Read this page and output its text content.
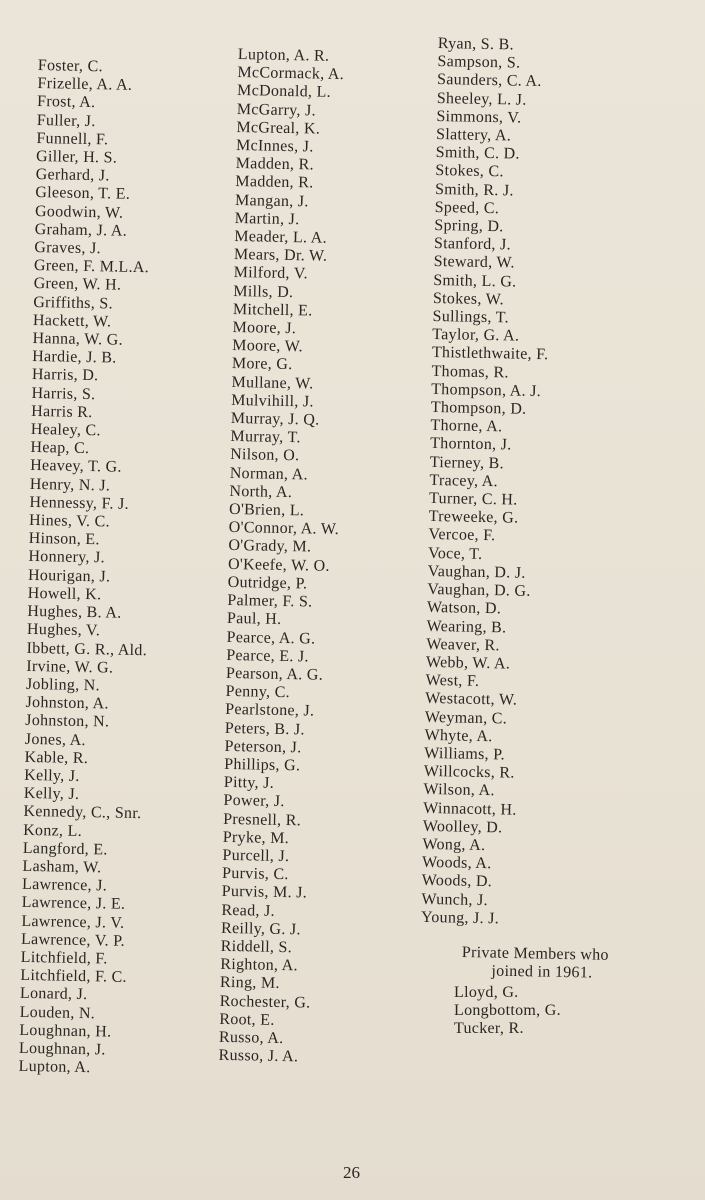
Foster, C.
Frizelle, A. A.
Frost, A.
Fuller, J.
Funnell, F.
Giller, H. S.
Gerhard, J.
Gleeson, T. E.
Goodwin, W.
Graham, J. A.
Graves, J.
Green, F. M.L.A.
Green, W. H.
Griffiths, S.
Hackett, W.
Hanna, W. G.
Hardie, J. B.
Harris, D.
Harris, S.
Harris R.
Healey, C.
Heap, C.
Heavey, T. G.
Henry, N. J.
Hennessy, F. J.
Hines, V. C.
Hinson, E.
Honnery, J.
Hourigan, J.
Howell, K.
Hughes, B. A.
Hughes, V.
Ibbett, G. R., Ald.
Irvine, W. G.
Jobling, N.
Johnston, A.
Johnston, N.
Jones, A.
Kable, R.
Kelly, J.
Kelly, J.
Kennedy, C., Snr.
Konz, L.
Langford, E.
Lasham, W.
Lawrence, J.
Lawrence, J. E.
Lawrence, J. V.
Lawrence, V. P.
Litchfield, F.
Litchfield, F. C.
Lonard, J.
Louden, N.
Loughnan, H.
Loughnan, J.
Lupton, A.
Lupton, A. R.
McCormack, A.
McDonald, L.
McGarry, J.
McGreal, K.
McInnes, J.
Madden, R.
Madden, R.
Mangan, J.
Martin, J.
Meader, L. A.
Mears, Dr. W.
Milford, V.
Mills, D.
Mitchell, E.
Moore, J.
Moore, W.
More, G.
Mullane, W.
Mulvihill, J.
Murray, J. Q.
Murray, T.
Nilson, O.
Norman, A.
North, A.
O'Brien, L.
O'Connor, A. W.
O'Grady, M.
O'Keefe, W. O.
Outridge, P.
Palmer, F. S.
Paul, H.
Pearce, A. G.
Pearce, E. J.
Pearson, A. G.
Penny, C.
Pearlstone, J.
Peters, B. J.
Peterson, J.
Phillips, G.
Pitty, J.
Power, J.
Presnell, R.
Pryke, M.
Purcell, J.
Purvis, C.
Purvis, M. J.
Read, J.
Reilly, G. J.
Riddell, S.
Righton, A.
Ring, M.
Rochester, G.
Root, E.
Russo, A.
Russo, J. A.
Ryan, S. B.
Sampson, S.
Saunders, C. A.
Sheeley, L. J.
Simmons, V.
Slattery, A.
Smith, C. D.
Stokes, C.
Smith, R. J.
Speed, C.
Spring, D.
Stanford, J.
Steward, W.
Smith, L. G.
Stokes, W.
Sullings, T.
Taylor, G. A.
Thistlethwaite, F.
Thomas, R.
Thompson, A. J.
Thompson, D.
Thorne, A.
Thornton, J.
Tierney, B.
Tracey, A.
Turner, C. H.
Treweeke, G.
Vercoe, F.
Voce, T.
Vaughan, D. J.
Vaughan, D. G.
Watson, D.
Wearing, B.
Weaver, R.
Webb, W. A.
West, F.
Westacott, W.
Weyman, C.
Whyte, A.
Williams, P.
Willcocks, R.
Wilson, A.
Winnacott, H.
Woolley, D.
Wong, A.
Woods, A.
Woods, D.
Wunch, J.
Young, J. J.
Private Members who
joined in 1961.
Lloyd, G.
Longbottom, G.
Tucker, R.
26
